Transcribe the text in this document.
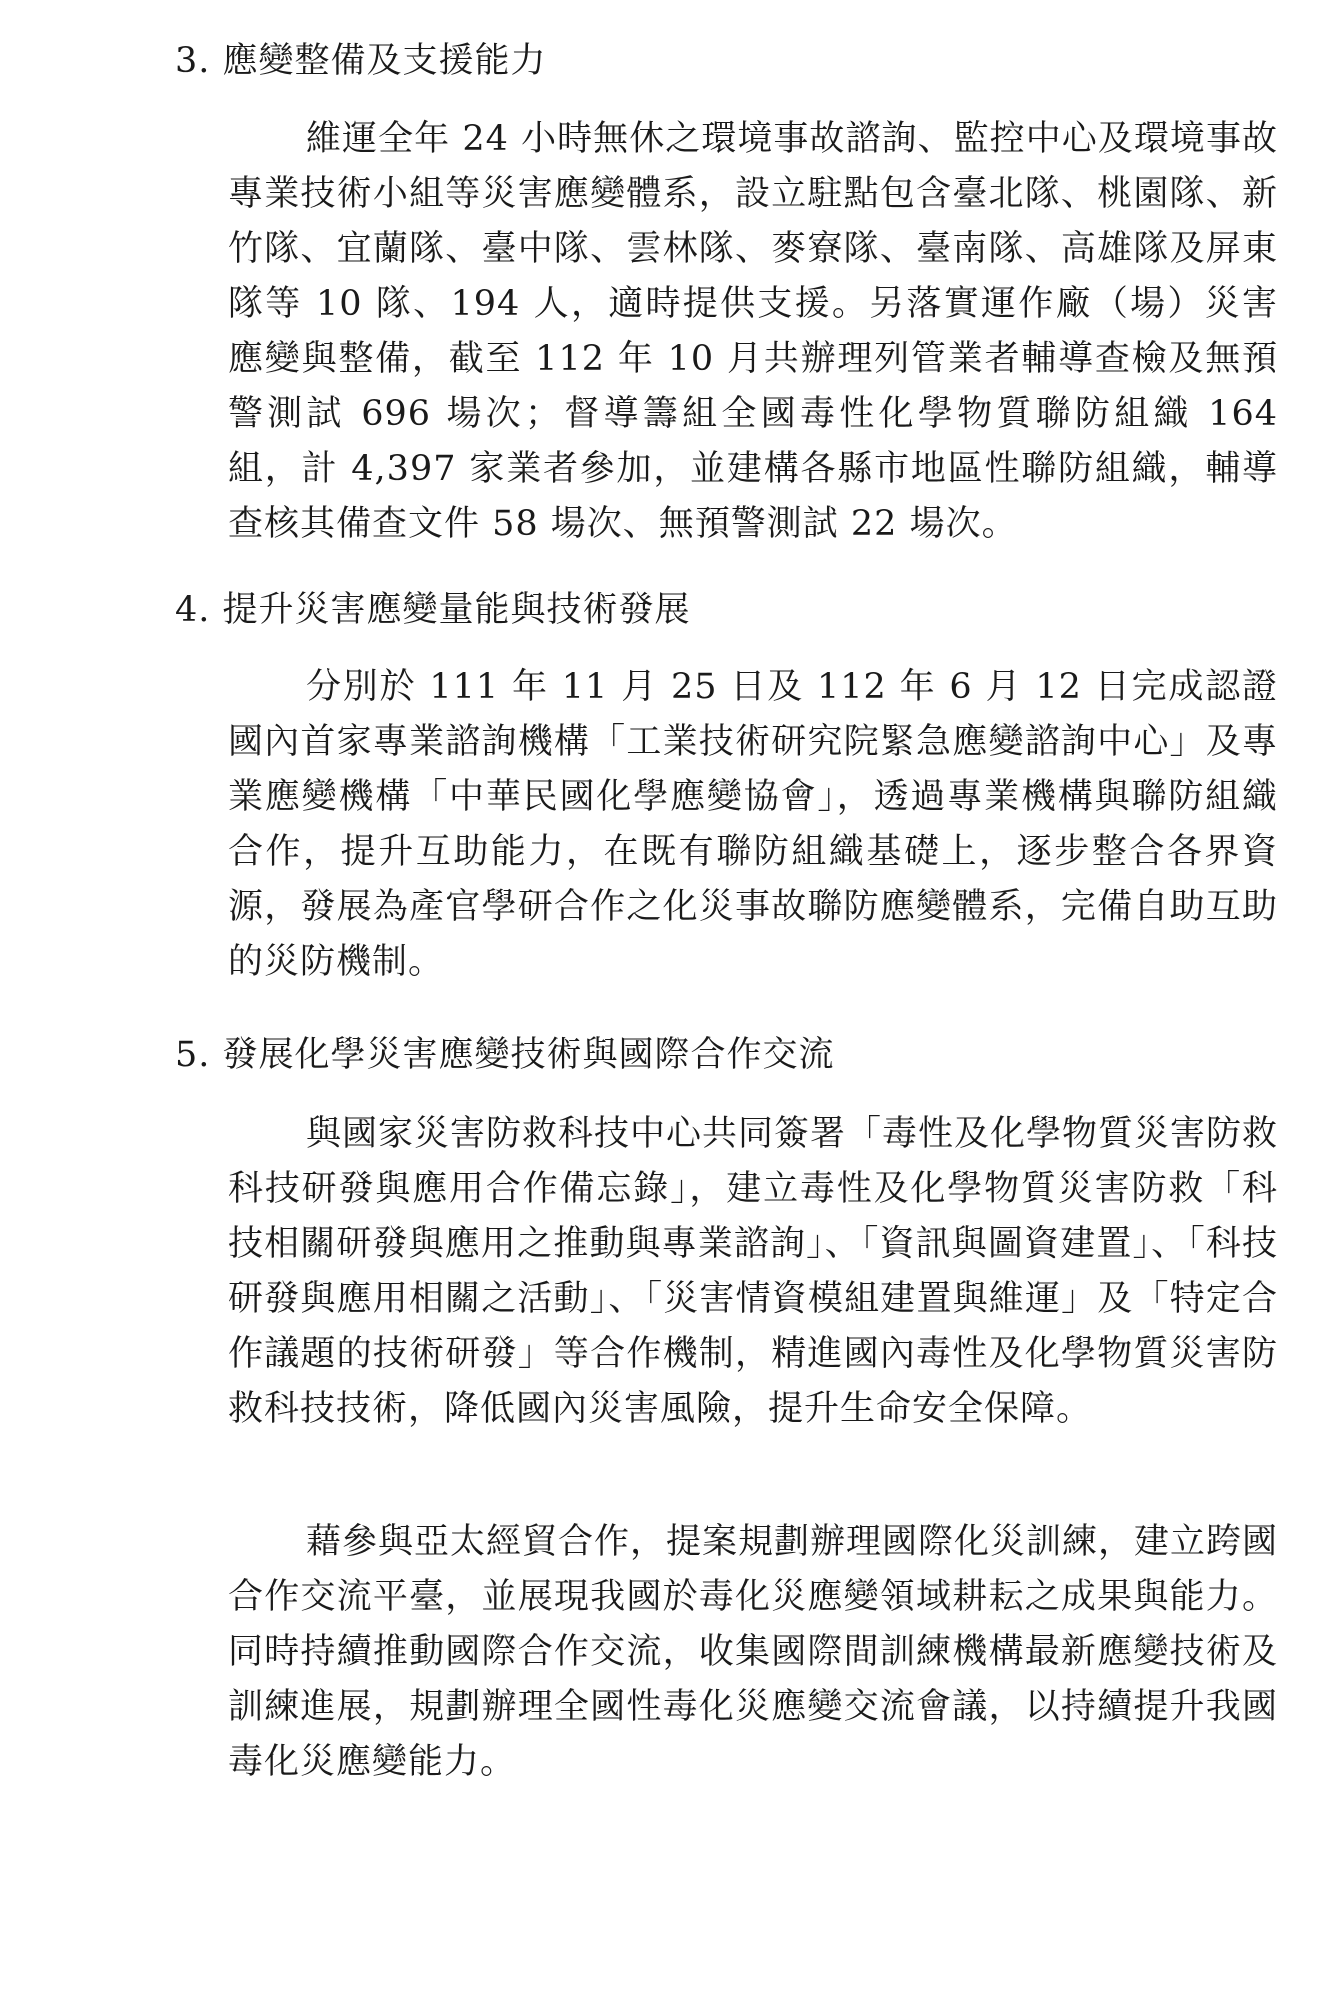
3. 應變整備及支援能力

維運全年 24 小時無休之環境事故諮詢、監控中心及環境事故專業技術小組等災害應變體系，設立駐點包含臺北隊、桃園隊、新竹隊、宜蘭隊、臺中隊、雲林隊、麥寮隊、臺南隊、高雄隊及屏東隊等 10 隊、194 人，適時提供支援。另落實運作廠（場）災害應變與整備，截至 112 年 10 月共辦理列管業者輔導查檢及無預警測試 696 場次；督導籌組全國毒性化學物質聯防組織 164 組，計 4,397 家業者參加，並建構各縣市地區性聯防組織，輔導查核其備查文件 58 場次、無預警測試 22 場次。

4. 提升災害應變量能與技術發展

分別於 111 年 11 月 25 日及 112 年 6 月 12 日完成認證國內首家專業諮詢機構「工業技術研究院緊急應變諮詢中心」及專業應變機構「中華民國化學應變協會」，透過專業機構與聯防組織合作，提升互助能力，在既有聯防組織基礎上，逐步整合各界資源，發展為產官學研合作之化災事故聯防應變體系，完備自助互助的災防機制。

5. 發展化學災害應變技術與國際合作交流

與國家災害防救科技中心共同簽署「毒性及化學物質災害防救科技研發與應用合作備忘錄」，建立毒性及化學物質災害防救「科技相關研發與應用之推動與專業諮詢」、「資訊與圖資建置」、「科技研發與應用相關之活動」、「災害情資模組建置與維運」及「特定合作議題的技術研發」等合作機制，精進國內毒性及化學物質災害防救科技技術，降低國內災害風險，提升生命安全保障。

藉參與亞太經貿合作，提案規劃辦理國際化災訓練，建立跨國合作交流平臺，並展現我國於毒化災應變領域耕耘之成果與能力。同時持續推動國際合作交流，收集國際間訓練機構最新應變技術及訓練進展，規劃辦理全國性毒化災應變交流會議，以持續提升我國毒化災應變能力。
